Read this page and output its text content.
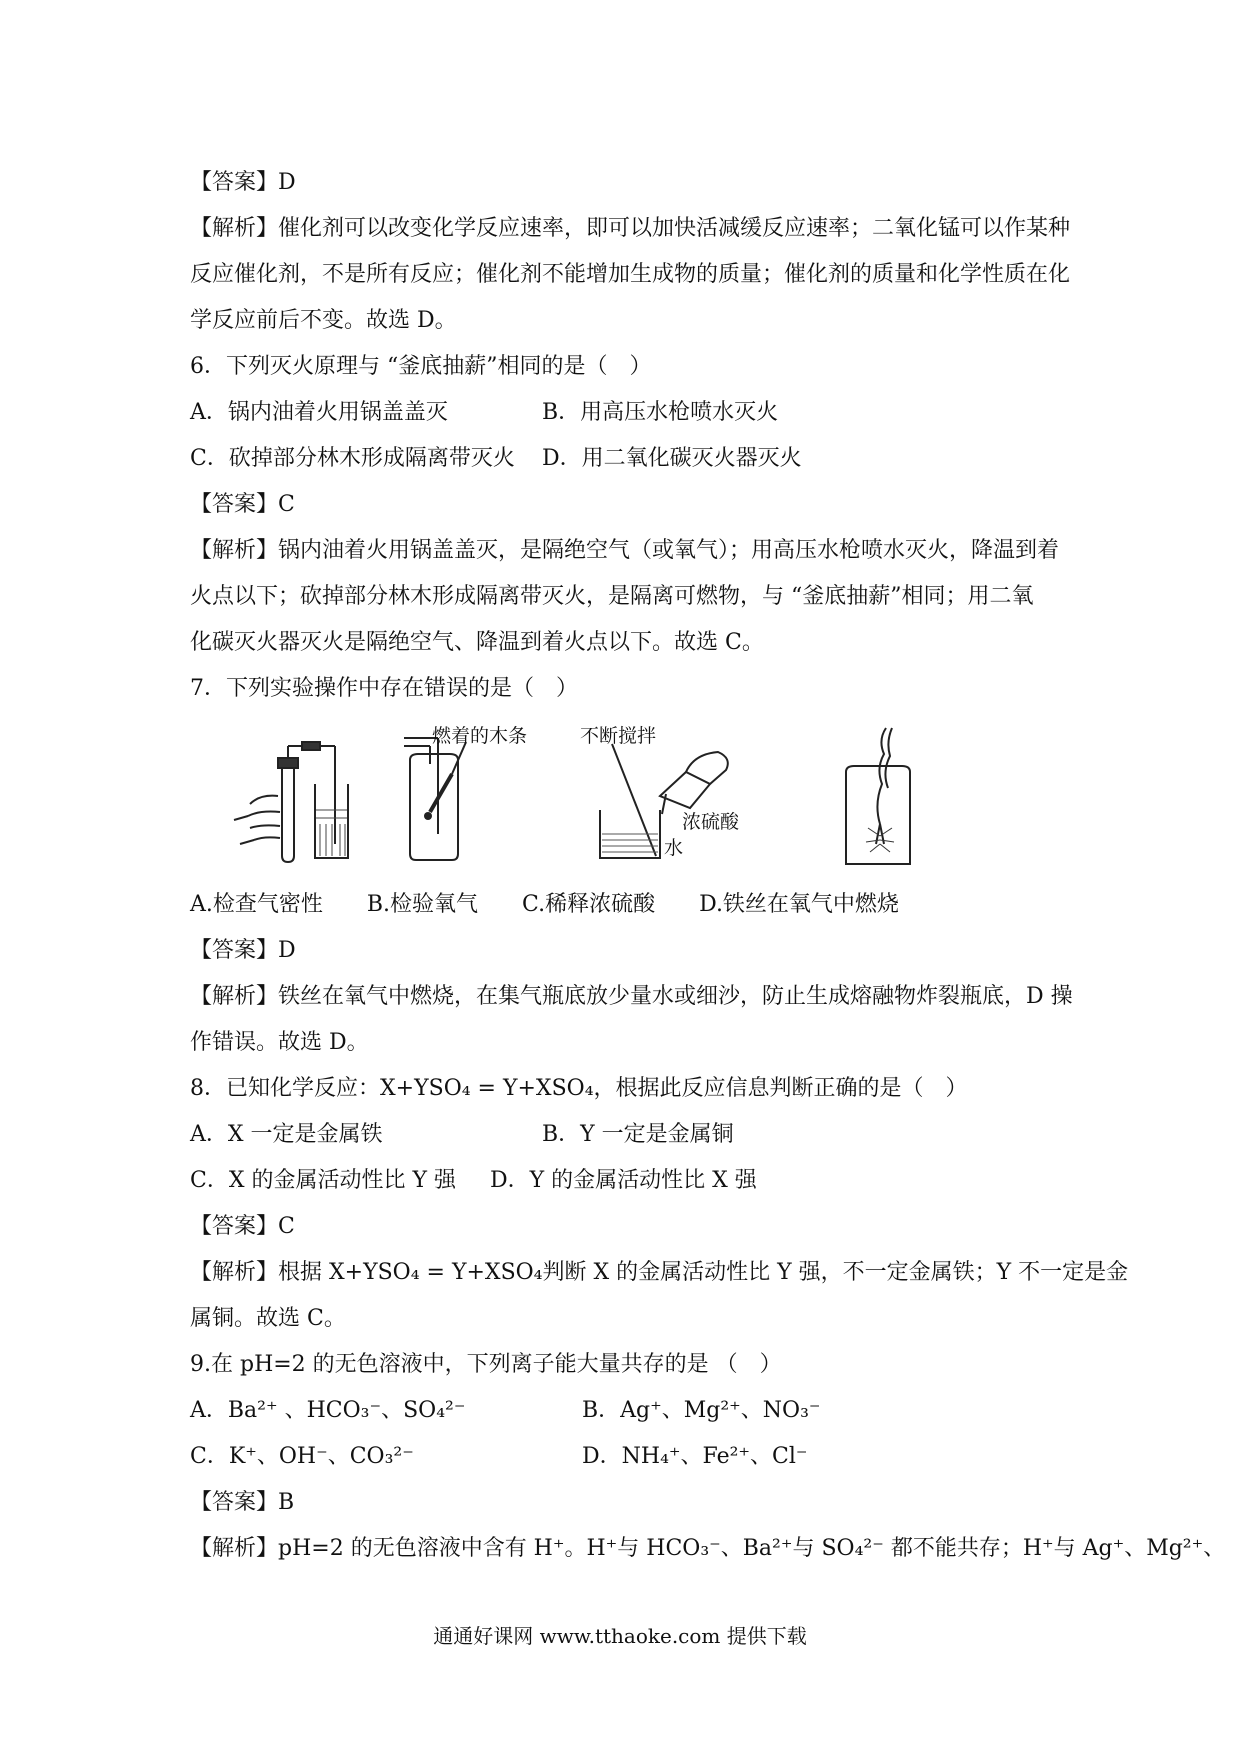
【答案】D
【解析】催化剂可以改变化学反应速率，即可以加快活减缓反应速率；二氧化锰可以作某种
反应催化剂，不是所有反应；催化剂不能增加生成物的质量；催化剂的质量和化学性质在化
学反应前后不变。故选 D。
6．下列灭火原理与 “釜底抽薪”相同的是（　）
A．锅内油着火用锅盖盖灭	B．用高压水枪喷水灭火
C．砍掉部分林木形成隔离带灭火	D．用二氧化碳灭火器灭火
【答案】C
【解析】锅内油着火用锅盖盖灭，是隔绝空气（或氧气）；用高压水枪喷水灭火，降温到着
火点以下；砍掉部分林木形成隔离带灭火，是隔离可燃物，与 “釜底抽薪”相同；用二氧
化碳灭火器灭火是隔绝空气、降温到着火点以下。故选 C。
7．下列实验操作中存在错误的是（　）
燃着的木条	不断搅拌
浓硫酸
水
A.检查气密性　　B.检验氧气　　C.稀释浓硫酸　　D.铁丝在氧气中燃烧
【答案】D
【解析】铁丝在氧气中燃烧，在集气瓶底放少量水或细沙，防止生成熔融物炸裂瓶底，D 操
作错误。故选 D。
8．已知化学反应：X+YSO₄ = Y+XSO₄，根据此反应信息判断正确的是（　）
A．X 一定是金属铁	B．Y 一定是金属铜
C．X 的金属活动性比 Y 强	D．Y 的金属活动性比 X 强
【答案】C
【解析】根据 X+YSO₄ = Y+XSO₄判断 X 的金属活动性比 Y 强，不一定金属铁；Y 不一定是金
属铜。故选 C。
9.在 pH=2 的无色溶液中，下列离子能大量共存的是 （　）
A．Ba²⁺ 、HCO₃⁻、SO₄²⁻	B．Ag⁺、Mg²⁺、NO₃⁻
C．K⁺、OH⁻、CO₃²⁻	D．NH₄⁺、Fe²⁺、Cl⁻
【答案】B
【解析】pH=2 的无色溶液中含有 H⁺。H⁺与 HCO₃⁻、Ba²⁺与 SO₄²⁻ 都不能共存；H⁺与 Ag⁺、Mg²⁺、
通通好课网 www.tthaoke.com 提供下载
